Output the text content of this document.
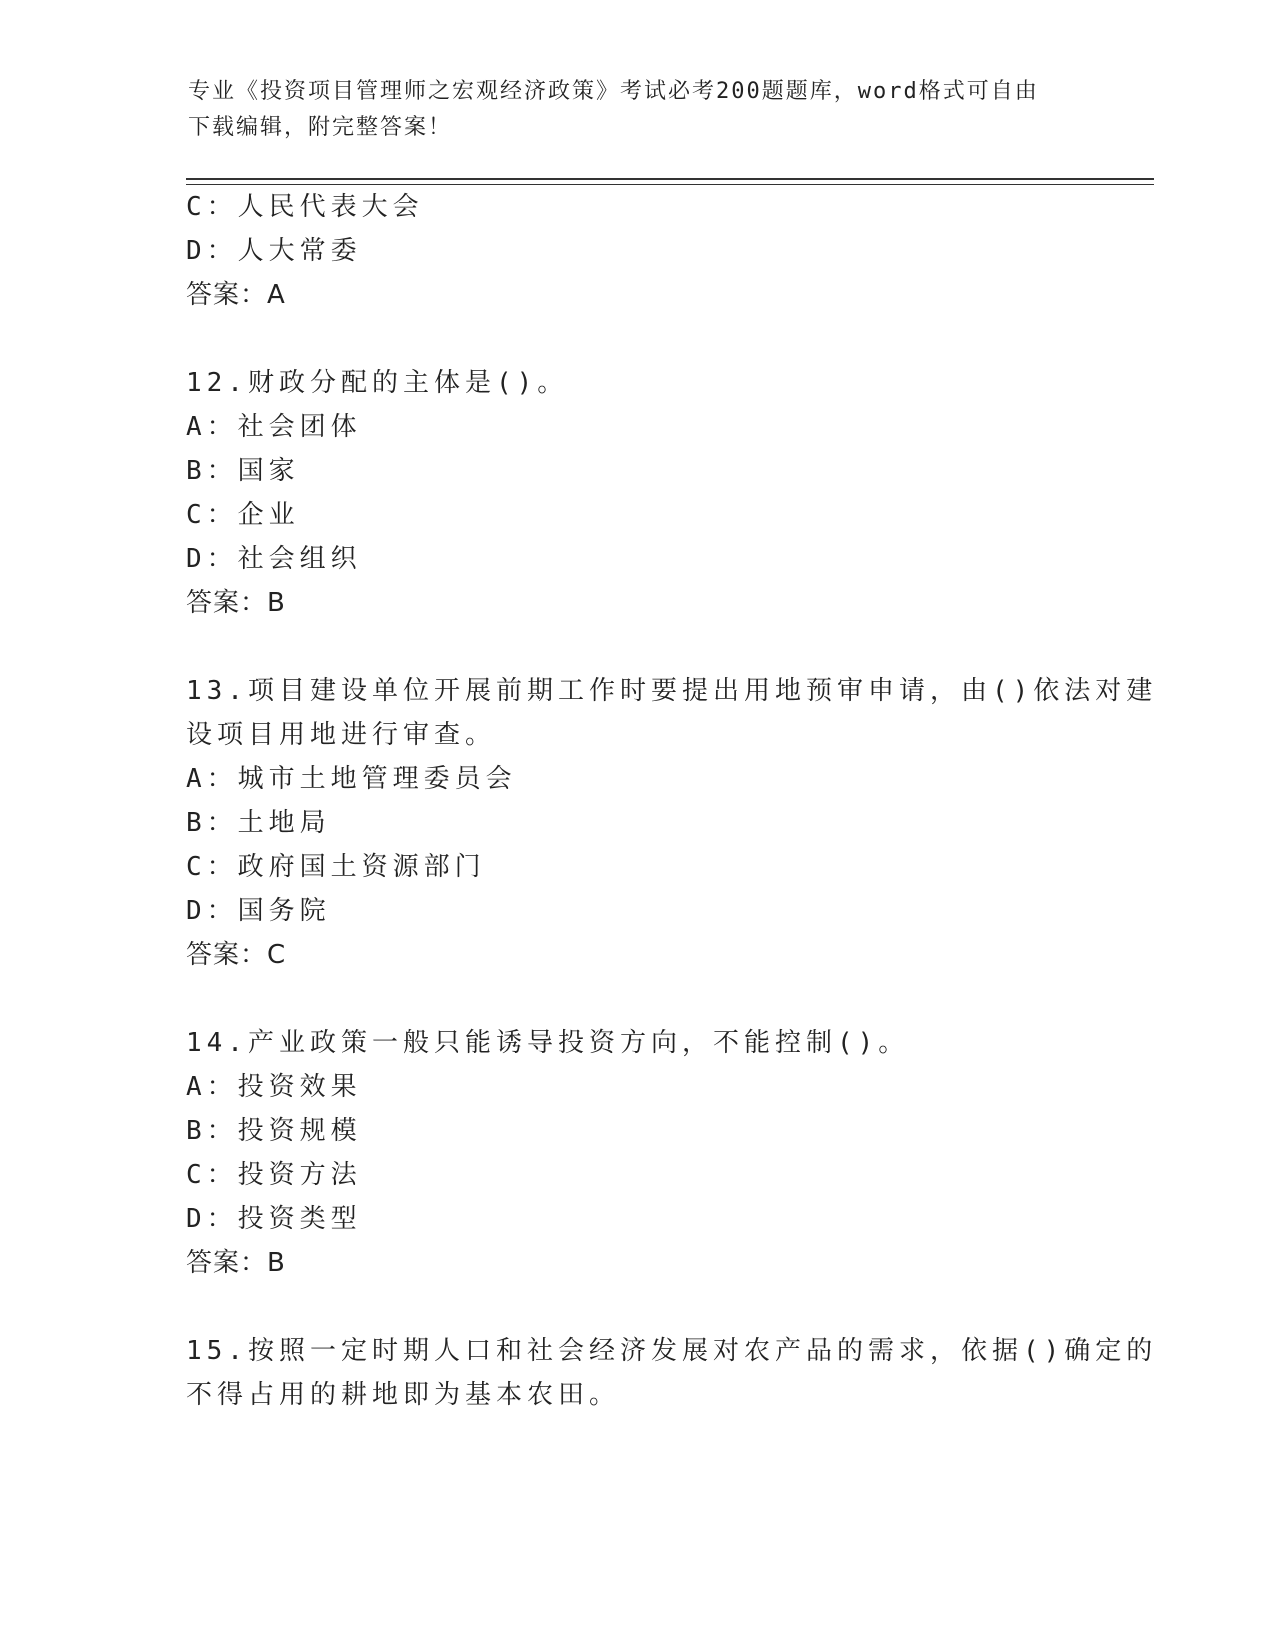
专业《投资项目管理师之宏观经济政策》考试必考200题题库，word格式可自由
下载编辑，附完整答案！
C：人民代表大会
D：人大常委
答案：A
12.财政分配的主体是()。
A：社会团体
B：国家
C：企业
D：社会组织
答案：B
13.项目建设单位开展前期工作时要提出用地预审申请，由()依法对建
设项目用地进行审查。
A：城市土地管理委员会
B：土地局
C：政府国土资源部门
D：国务院
答案：C
14.产业政策一般只能诱导投资方向，不能控制()。
A：投资效果
B：投资规模
C：投资方法
D：投资类型
答案：B
15.按照一定时期人口和社会经济发展对农产品的需求，依据()确定的
不得占用的耕地即为基本农田。
